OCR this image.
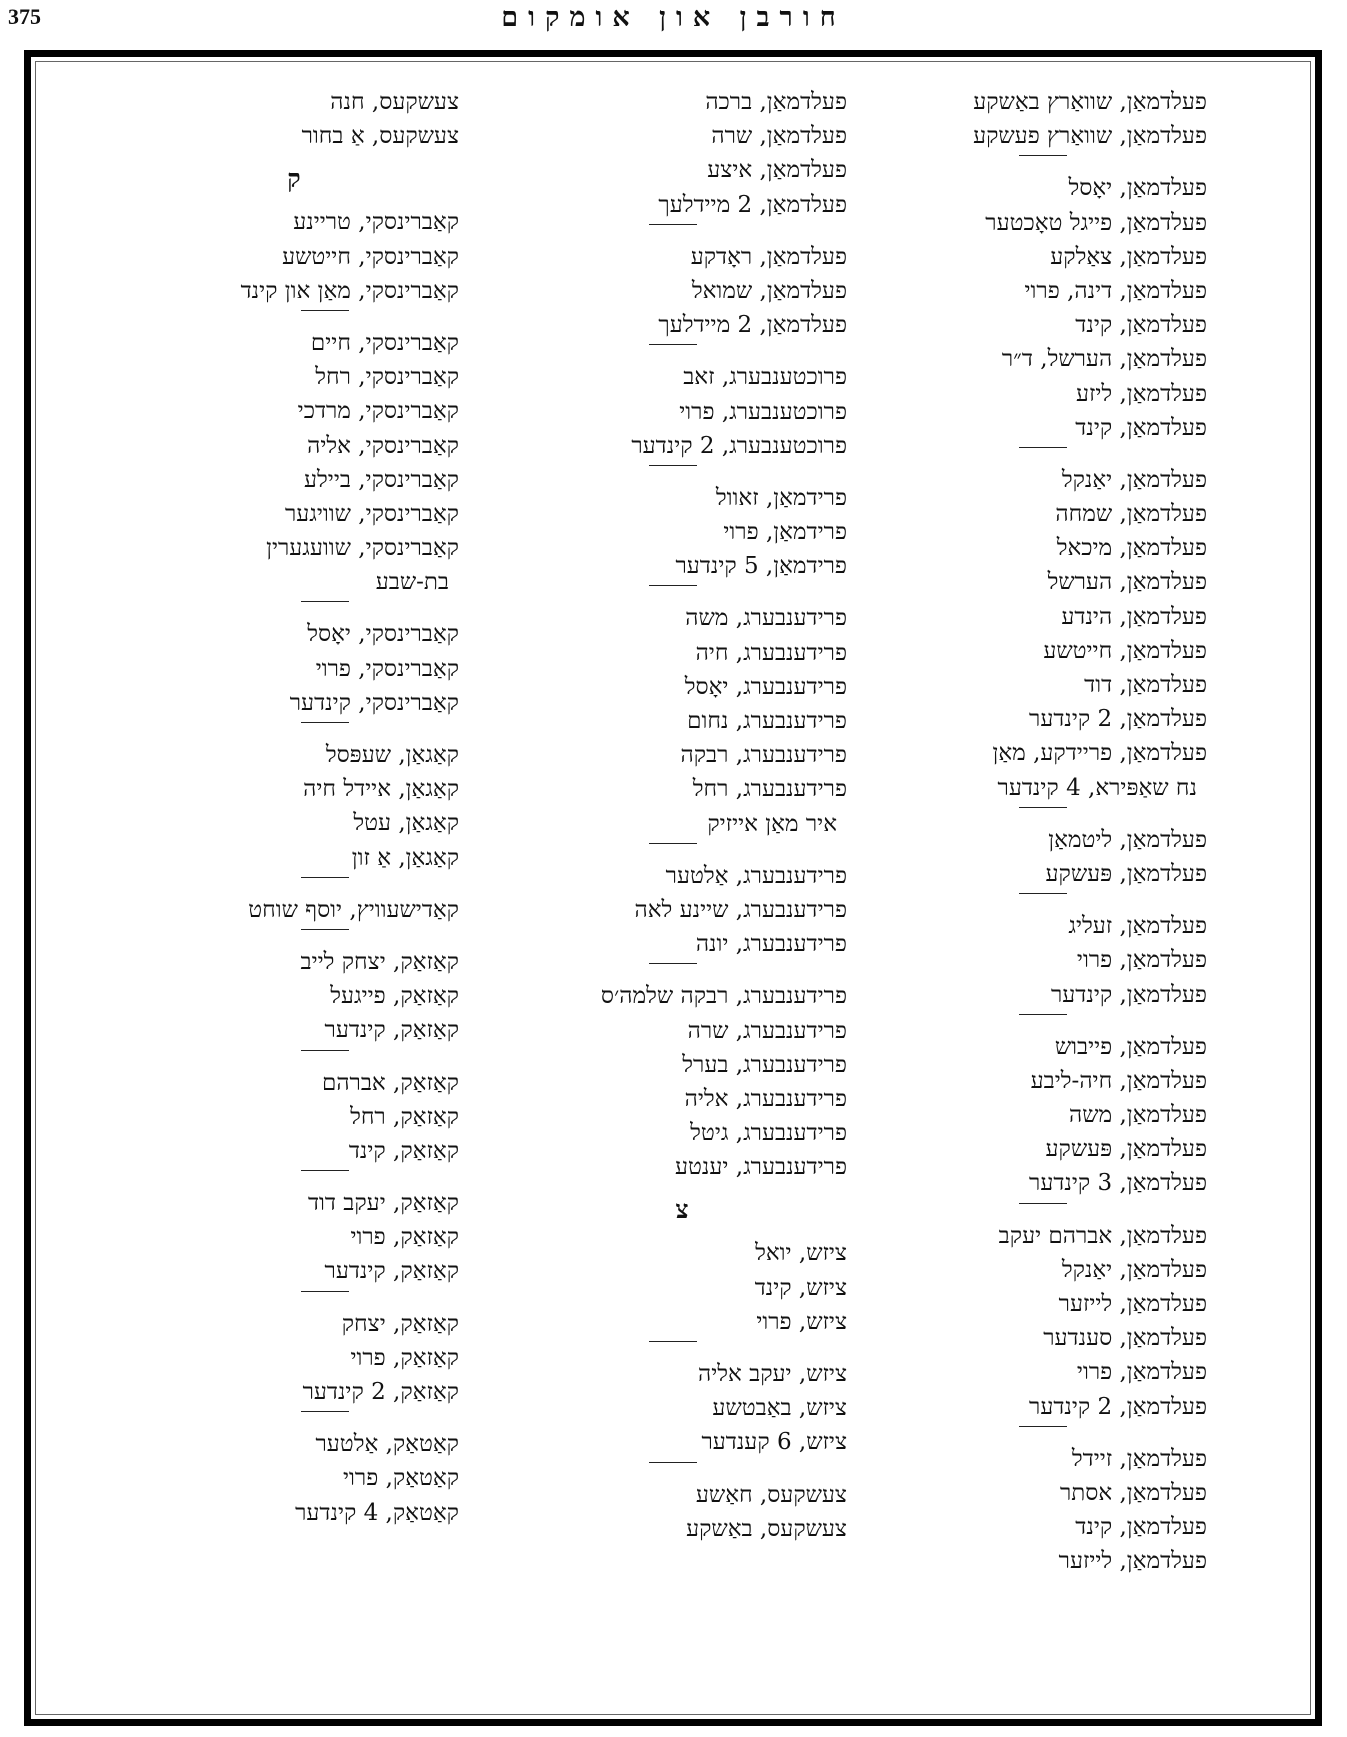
375	חורבן און אומקום
פעלדמאַן, שוואַרץ באַשקע
פעלדמאַן, שוואַרץ פעשקע
פעלדמאַן, יאָסל
פעלדמאַן, פייגל טאָכטער
פעלדמאַן, צאַלקע
פעלדמאַן, דינה, פרוי
פעלדמאַן, קינד
פעלדמאַן, הערשל, ד״ר
פעלדמאַן, ליזע
פעלדמאַן, קינד
פעלדמאַן, יאַנקל
פעלדמאַן, שמחה
פעלדמאַן, מיכאל
פעלדמאַן, הערשל
פעלדמאַן, הינדע
פעלדמאַן, חייטשע
פעלדמאַן, דוד
פעלדמאַן, 2 קינדער
פעלדמאַן, פריידקע, מאַן
נח שאַפּירא, 4 קינדער
פעלדמאַן, ליטמאַן
פעלדמאַן, פּעשקע
פעלדמאַן, זעליג
פעלדמאַן, פרוי
פעלדמאַן, קינדער
פעלדמאַן, פייבוש
פעלדמאַן, חיה-ליבע
פעלדמאַן, משה
פעלדמאַן, פּעשקע
פעלדמאַן, 3 קינדער
פעלדמאַן, אברהם יעקב
פעלדמאַן, יאַנקל
פעלדמאַן, לייזער
פעלדמאַן, סענדער
פעלדמאַן, פרוי
פעלדמאַן, 2 קינדער
פעלדמאַן, זיידל
פעלדמאַן, אסתר
פעלדמאַן, קינד
פעלדמאַן, לייזער
פעלדמאַן, ברכה
פעלדמאַן, שרה
פעלדמאַן, איצע
פעלדמאַן, 2 מיידלעך
פעלדמאַן, ראָדקע
פעלדמאַן, שמואל
פעלדמאַן, 2 מיידלעך
פרוכטענבערג, זאב
פרוכטענבערג, פרוי
פרוכטענבערג, 2 קינדער
פרידמאַן, זאוול
פרידמאַן, פרוי
פרידמאַן, 5 קינדער
פרידענבערג, משה
פרידענבערג, חיה
פרידענבערג, יאָסל
פרידענבערג, נחום
פרידענבערג, רבקה
פרידענבערג, רחל
איר מאַן אייזיק
פרידענבערג, אַלטער
פרידענבערג, שיינע לאה
פרידענבערג, יונה
פרידענבערג, רבקה שלמה׳ס
פרידענבערג, שרה
פרידענבערג, בערל
פרידענבערג, אליה
פרידענבערג, גיטל
פרידענבערג, יענטע
צ
ציזש, יואל
ציזש, קינד
ציזש, פרוי
ציזש, יעקב אליה
ציזש, באַבטשע
ציזש, 6 קענדער
צעשקעס, חאַשע
צעשקעס, באַשקע
צעשקעס, חנה
צעשקעס, אַ בחור
ק
קאַברינסקי, טריינע
קאַברינסקי, חייטשע
קאַברינסקי, מאַן און קינד
קאַברינסקי, חיים
קאַברינסקי, רחל
קאַברינסקי, מרדכי
קאַברינסקי, אליה
קאַברינסקי, ביילע
קאַברינסקי, שוויגער
קאַברינסקי, שוועגערין
בת-שבע
קאַברינסקי, יאָסל
קאַברינסקי, פרוי
קאַברינסקי, קינדער
קאַגאַן, שעפּסל
קאַגאַן, איידל חיה
קאַגאַן, עטל
קאַגאַן, אַ זון
קאַדישעוויץ, יוסף שוחט
קאַזאַק, יצחק לייב
קאַזאַק, פייגעל
קאַזאַק, קינדער
קאַזאַק, אברהם
קאַזאַק, רחל
קאַזאַק, קינד
קאַזאַק, יעקב דוד
קאַזאַק, פרוי
קאַזאַק, קינדער
קאַזאַק, יצחק
קאַזאַק, פרוי
קאַזאַק, 2 קינדער
קאַטאַק, אַלטער
קאַטאַק, פרוי
קאַטאַק, 4 קינדער
